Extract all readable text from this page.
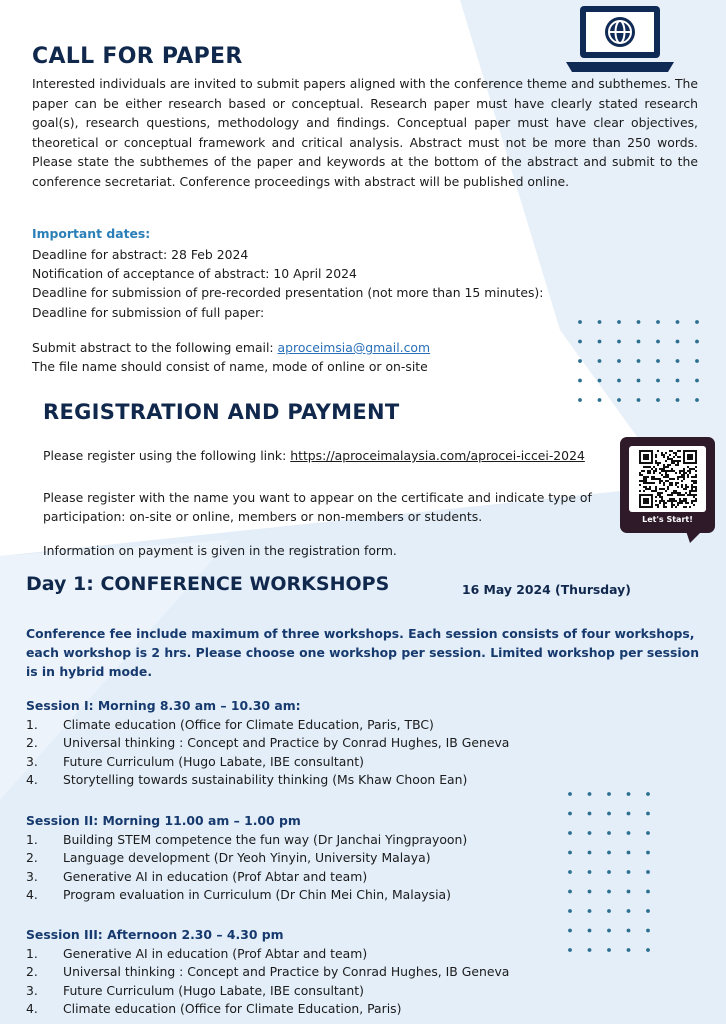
CALL FOR PAPER

Interested individuals are invited to submit papers aligned with the conference theme and subthemes. The paper can be either research based or conceptual. Research paper must have clearly stated research goal(s), research questions, methodology and findings. Conceptual paper must have clear objectives, theoretical or conceptual framework and critical analysis. Abstract must not be more than 250 words. Please state the subthemes of the paper and keywords at the bottom of the abstract and submit to the conference secretariat. Conference proceedings with abstract will be published online.

Important dates:

Deadline for abstract: 28 Feb 2024
Notification of acceptance of abstract: 10 April 2024
Deadline for submission of pre-recorded presentation (not more than 15 minutes):
Deadline for submission of full paper:
Submit abstract to the following email: aproceimsia@gmail.com
The file name should consist of name, mode of online or on-site
REGISTRATION AND PAYMENT

Please register using the following link: https://aproceimalaysia.com/aprocei-iccei-2024

Please register with the name you want to appear on the certificate and indicate type of participation: on-site or online, members or non-members or students.

Information on payment is given in the registration form.

Let's Start!
Day 1: CONFERENCE WORKSHOPS	16 May 2024 (Thursday)

Conference fee include maximum of three workshops. Each session consists of four workshops, each workshop is 2 hrs. Please choose one workshop per session. Limited workshop per session is in hybrid mode.

Session I: Morning 8.30 am – 10.30 am:

1. Climate education (Office for Climate Education, Paris, TBC)
2. Universal thinking : Concept and Practice by Conrad Hughes, IB Geneva
3. Future Curriculum (Hugo Labate, IBE consultant)
4. Storytelling towards sustainability thinking (Ms Khaw Choon Ean)

Session II: Morning 11.00 am – 1.00 pm

1. Building STEM competence the fun way (Dr Janchai Yingprayoon)
2. Language development (Dr Yeoh Yinyin, University Malaya)
3. Generative AI in education (Prof Abtar and team)
4. Program evaluation in Curriculum (Dr Chin Mei Chin, Malaysia)

Session III: Afternoon 2.30 – 4.30 pm

1. Generative AI in education (Prof Abtar and team)
2. Universal thinking : Concept and Practice by Conrad Hughes, IB Geneva
3. Future Curriculum (Hugo Labate, IBE consultant)
4. Climate education (Office for Climate Education, Paris)
